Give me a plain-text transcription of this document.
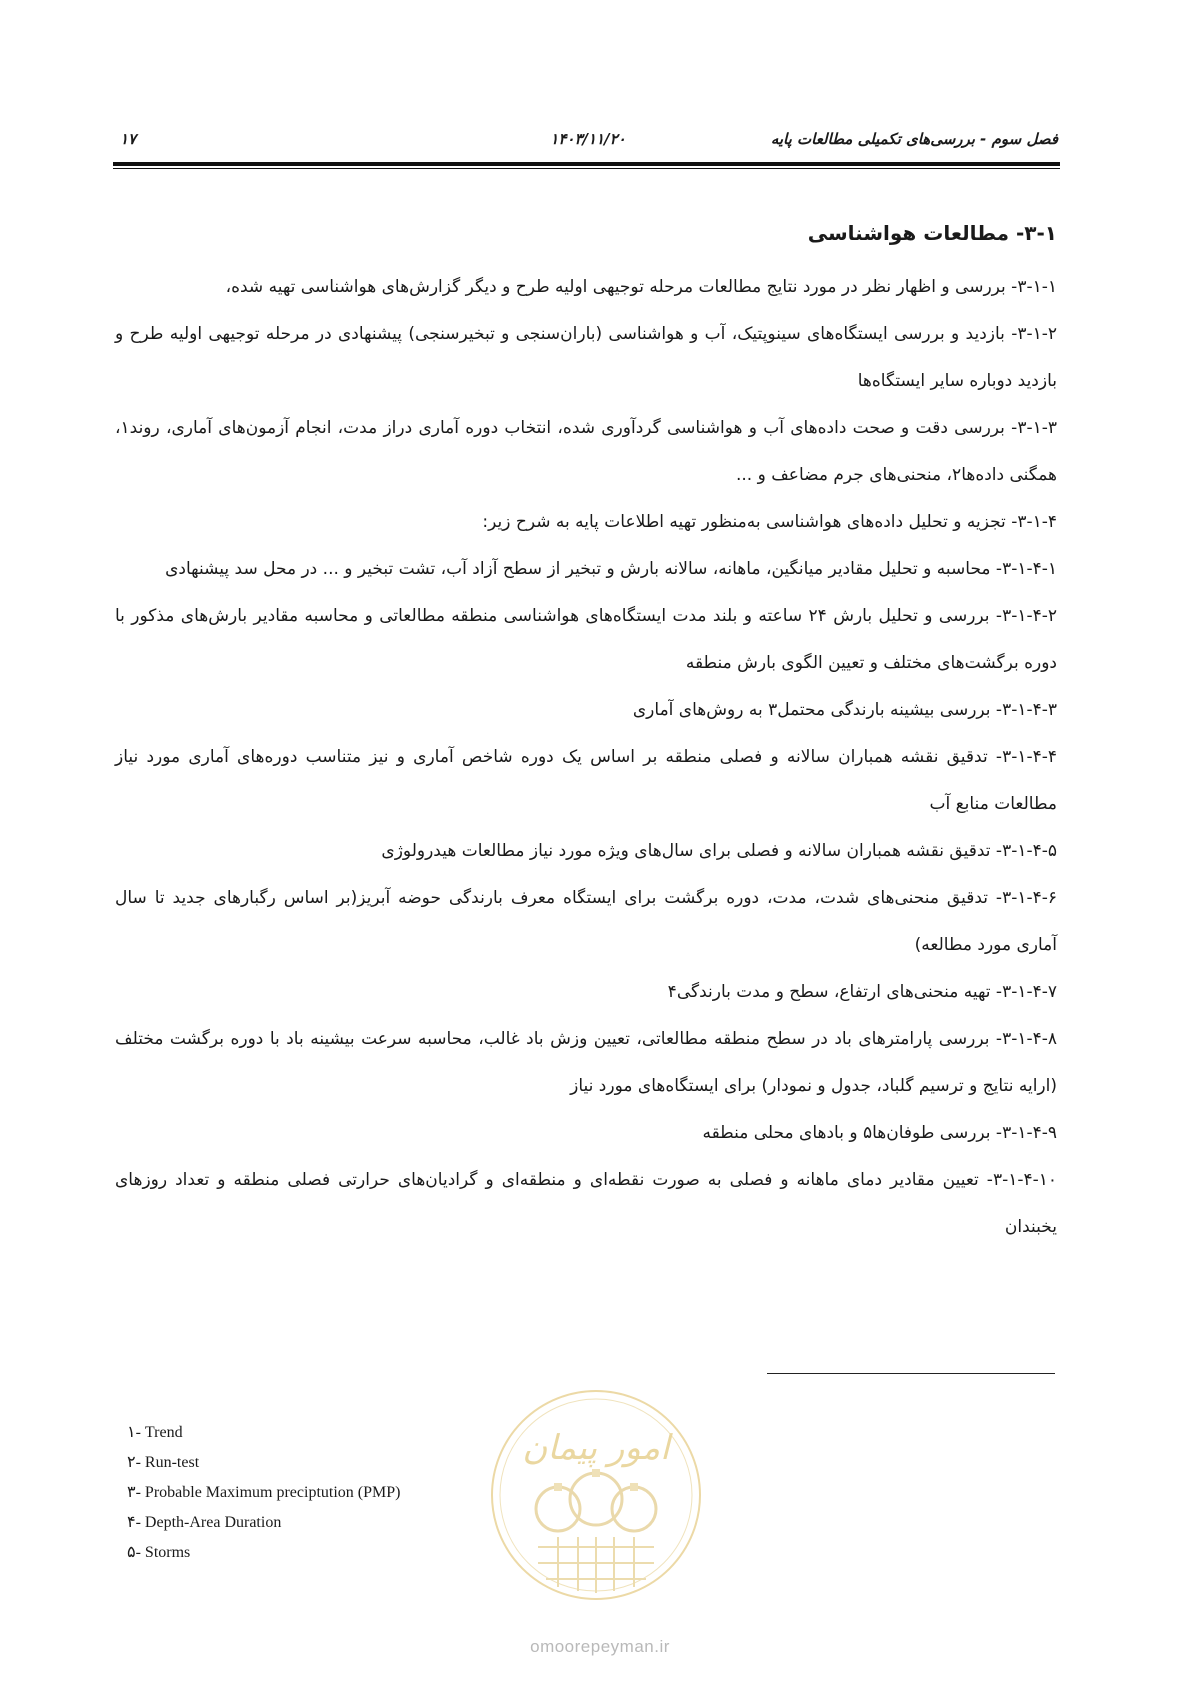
فصل سوم - بررسی‌های تکمیلی مطالعات پایه
۱۴۰۳/۱۱/۲۰
۱۷
۳-۱- مطالعات هواشناسی

۳-۱-۱- بررسی و اظهار نظر در مورد نتایج مطالعات مرحله توجیهی اولیه طرح و دیگر گزارش‌های هواشناسی تهیه شده،

۳-۱-۲- بازدید و بررسی ایستگاه‌های سینوپتیک، آب و هواشناسی (باران‌سنجی و تبخیرسنجی) پیشنهادی در مرحله توجیهی اولیه طرح و بازدید دوباره سایر ایستگاه‌ها

۳-۱-۳- بررسی دقت و صحت داده‌های آب و هواشناسی گردآوری شده، انتخاب دوره آماری دراز مدت، انجام آزمون‌های آماری، روند۱، همگنی داده‌ها۲، منحنی‌های جرم مضاعف و ...

۳-۱-۴- تجزیه و تحلیل داده‌های هواشناسی به‌منظور تهیه اطلاعات پایه به شرح زیر:

۳-۱-۴-۱- محاسبه و تحلیل مقادیر میانگین، ماهانه، سالانه بارش و تبخیر از سطح آزاد آب، تشت تبخیر و ... در محل سد پیشنهادی

۳-۱-۴-۲- بررسی و تحلیل بارش ۲۴ ساعته و بلند مدت ایستگاه‌های هواشناسی منطقه مطالعاتی و محاسبه مقادیر بارش‌های مذکور با دوره برگشت‌های مختلف و تعیین الگوی بارش منطقه

۳-۱-۴-۳- بررسی بیشینه بارندگی محتمل۳ به روش‌های آماری

۳-۱-۴-۴- تدقیق نقشه همباران سالانه و فصلی منطقه بر اساس یک دوره شاخص آماری و نیز متناسب دوره‌های آماری مورد نیاز مطالعات منابع آب

۳-۱-۴-۵- تدقیق نقشه همباران سالانه و فصلی برای سال‌های ویژه مورد نیاز مطالعات هیدرولوژی

۳-۱-۴-۶- تدقیق منحنی‌های شدت، مدت، دوره برگشت برای ایستگاه معرف بارندگی حوضه آبریز(بر اساس رگبارهای جدید تا سال آماری مورد مطالعه)

۳-۱-۴-۷- تهیه منحنی‌های ارتفاع، سطح و مدت بارندگی۴

۳-۱-۴-۸- بررسی پارامترهای باد در سطح منطقه مطالعاتی، تعیین وزش باد غالب، محاسبه سرعت بیشینه باد با دوره برگشت مختلف (ارایه نتایج و ترسیم گلباد، جدول و نمودار) برای ایستگاه‌های مورد نیاز

۳-۱-۴-۹- بررسی طوفان‌ها۵ و بادهای محلی منطقه

۳-۱-۴-۱۰- تعیین مقادیر دمای ماهانه و فصلی به صورت نقطه‌ای و منطقه‌ای و گرادیان‌های حرارتی فصلی منطقه و تعداد روزهای یخبندان

۱- Trend
۲- Run-test
۳- Probable Maximum preciptution (PMP)
۴- Depth-Area Duration
۵- Storms
امور پیمان
omoorepeyman.ir
